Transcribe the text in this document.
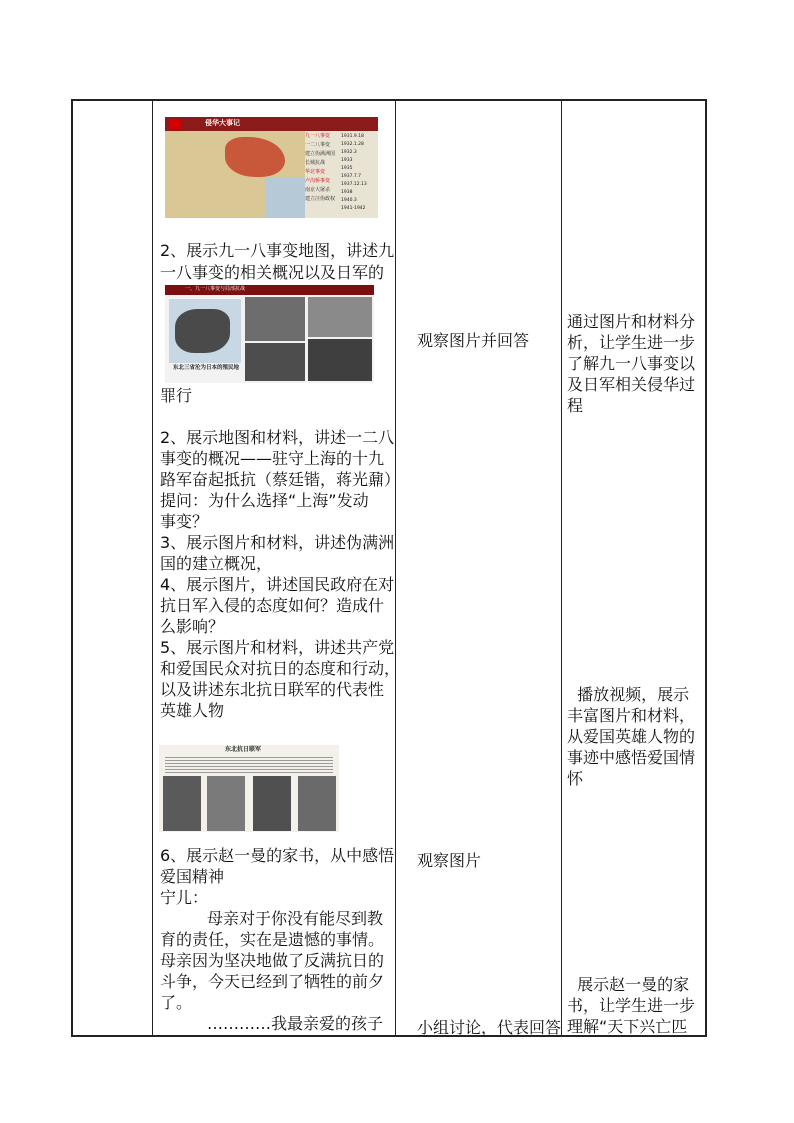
侵华大事记
九一八事变
一二八事变
建立伪满洲国
长城抗战
华北事变
卢沟桥事变
南京大屠杀
建立汪伪政权
1931.9.18
1932.1.28
1932.3
1933
1935
1937.7.7
1937.12.13
1938
1940.3
1941-1942
2、展示九一八事变地图，讲述九
一八事变的相关概况以及日军的
一、九一八事变与局部抗战
东北三省沦为日本的殖民地
罪行
2、展示地图和材料，讲述一二八
事变的概况——驻守上海的十九
路军奋起抵抗（蔡廷锴，蒋光鼐）
提问：为什么选择“上海”发动
事变？
3、展示图片和材料，讲述伪满洲
国的建立概况，
4、展示图片，讲述国民政府在对
抗日军入侵的态度如何？造成什
么影响？
5、展示图片和材料，讲述共产党
和爱国民众对抗日的态度和行动，
以及讲述东北抗日联军的代表性
英雄人物
东北抗日联军
6、展示赵一曼的家书，从中感悟
爱国精神
宁儿：
母亲对于你没有能尽到教
育的责任，实在是遗憾的事情。
母亲因为坚决地做了反满抗日的
斗争，今天已经到了牺牲的前夕
了。
…………我最亲爱的孩子
观察图片并回答
观察图片
小组讨论，代表回答
通过图片和材料分
析，让学生进一步
了解九一八事变以
及日军相关侵华过
程
播放视频，展示
丰富图片和材料，
从爱国英雄人物的
事迹中感悟爱国情
怀
展示赵一曼的家
书，让学生进一步
理解“天下兴亡匹
